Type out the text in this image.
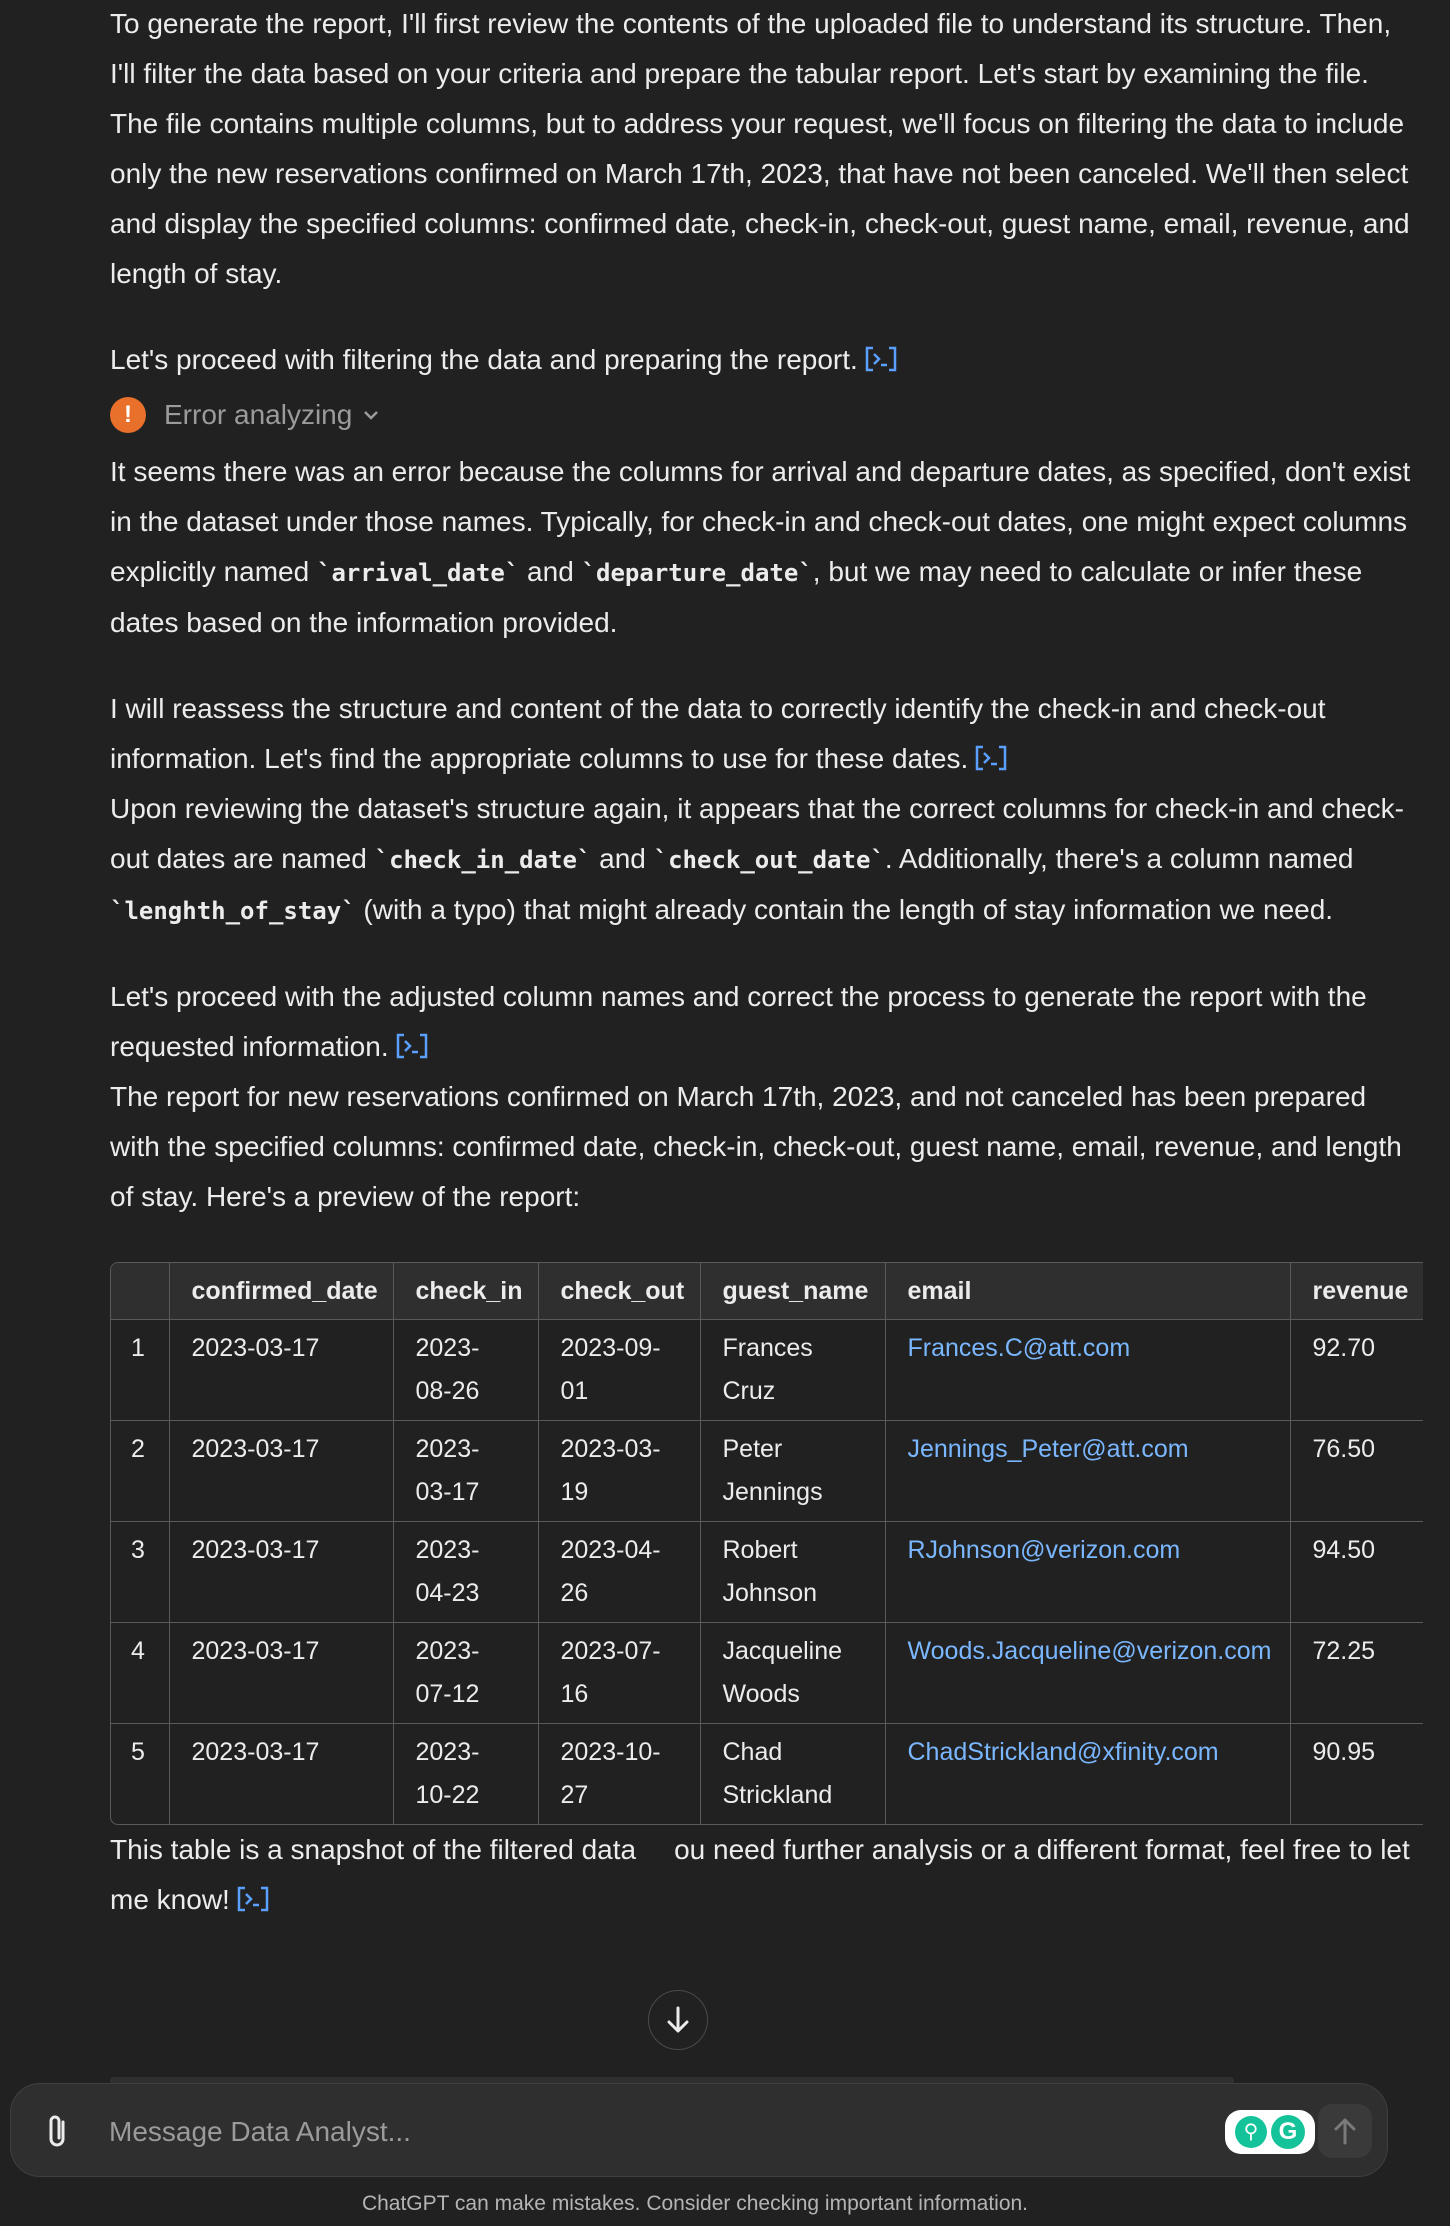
To generate the report, I'll first review the contents of the uploaded file to understand its structure. Then, I'll filter the data based on your criteria and prepare the tabular report. Let's start by examining the file.

The file contains multiple columns, but to address your request, we'll focus on filtering the data to include only the new reservations confirmed on March 17th, 2023, that have not been canceled. We'll then select and display the specified columns: confirmed date, check-in, check-out, guest name, email, revenue, and length of stay.

Let's proceed with filtering the data and preparing the report.

!	Error analyzing

It seems there was an error because the columns for arrival and departure dates, as specified, don't exist in the dataset under those names. Typically, for check-in and check-out dates, one might expect columns explicitly named `arrival_date` and `departure_date`, but we may need to calculate or infer these dates based on the information provided.

I will reassess the structure and content of the data to correctly identify the check-in and check-out information. Let's find the appropriate columns to use for these dates.

Upon reviewing the dataset's structure again, it appears that the correct columns for check-in and check-out dates are named `check_in_date` and `check_out_date`. Additionally, there's a column named `lenghth_of_stay` (with a typo) that might already contain the length of stay information we need.

Let's proceed with the adjusted column names and correct the process to generate the report with the requested information.

The report for new reservations confirmed on March 17th, 2023, and not canceled has been prepared with the specified columns: confirmed date, check-in, check-out, guest name, email, revenue, and length of stay. Here's a preview of the report:

	confirmed_date	check_in	check_out	guest_name	email	revenue
1	2023-03-17	2023-08-26	2023-09-01	Frances Cruz	Frances.C@att.com	92.70
2	2023-03-17	2023-03-17	2023-03-19	Peter Jennings	Jennings_Peter@att.com	76.50
3	2023-03-17	2023-04-23	2023-04-26	Robert Johnson	RJohnson@verizon.com	94.50
4	2023-03-17	2023-07-12	2023-07-16	Jacqueline Woods	Woods.Jacqueline@verizon.com	72.25
5	2023-03-17	2023-10-22	2023-10-27	Chad Strickland	ChadStrickland@xfinity.com	90.95

This table is a snapshot of the filtered data ou need further analysis or a different format, feel free to let me know!

Message Data Analyst...
⚲ G
ChatGPT can make mistakes. Consider checking important information.
